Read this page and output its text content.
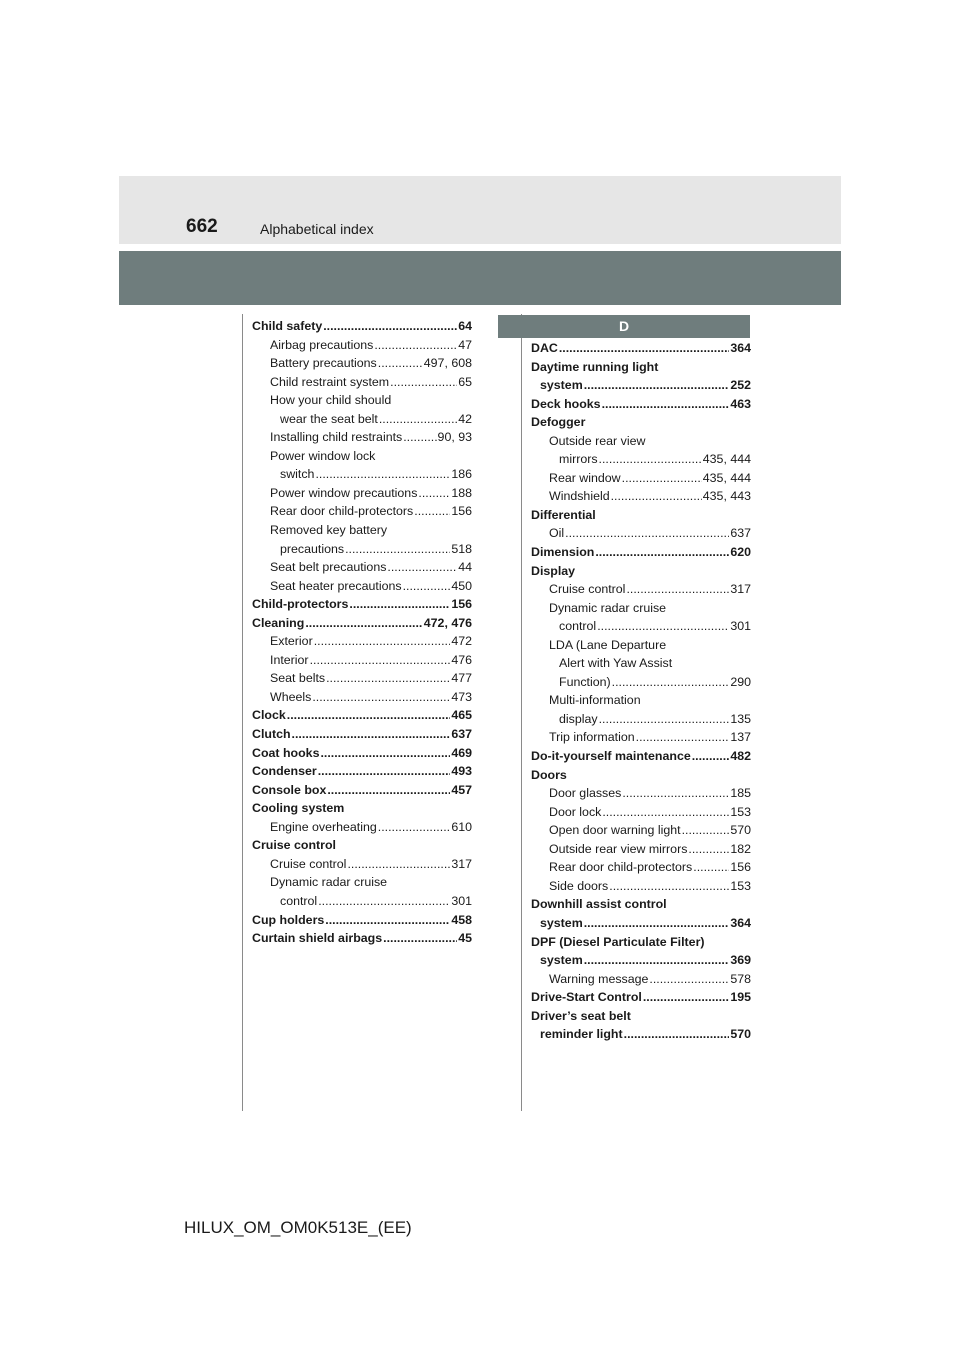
662	Alphabetical index
D
Child safety .....	64
Airbag precautions .....	47
Battery precautions .....	497, 608
Child restraint system .....	65
How your child should
wear the seat belt .....	42
Installing child restraints .....	90, 93
Power window lock
switch .....	186
Power window precautions .....	188
Rear door child-protectors .....	156
Removed key battery
precautions .....	518
Seat belt precautions .....	44
Seat heater precautions .....	450
Child-protectors .....	156
Cleaning .....	472, 476
Exterior .....	472
Interior .....	476
Seat belts .....	477
Wheels .....	473
Clock .....	465
Clutch .....	637
Coat hooks .....	469
Condenser .....	493
Console box .....	457
Cooling system
Engine overheating .....	610
Cruise control
Cruise control .....	317
Dynamic radar cruise
control .....	301
Cup holders .....	458
Curtain shield airbags .....	45
DAC .....	364
Daytime running light
system .....	252
Deck hooks .....	463
Defogger
Outside rear view
mirrors .....	435, 444
Rear window .....	435, 444
Windshield .....	435, 443
Differential
Oil .....	637
Dimension .....	620
Display
Cruise control .....	317
Dynamic radar cruise
control .....	301
LDA (Lane Departure
Alert with Yaw Assist
Function) .....	290
Multi-information
display .....	135
Trip information .....	137
Do-it-yourself maintenance .....	482
Doors
Door glasses .....	185
Door lock .....	153
Open door warning light .....	570
Outside rear view mirrors .....	182
Rear door child-protectors .....	156
Side doors .....	153
Downhill assist control
system .....	364
DPF (Diesel Particulate Filter)
system .....	369
Warning message .....	578
Drive-Start Control .....	195
Driver’s seat belt
reminder light .....	570
HILUX_OM_OM0K513E_(EE)
